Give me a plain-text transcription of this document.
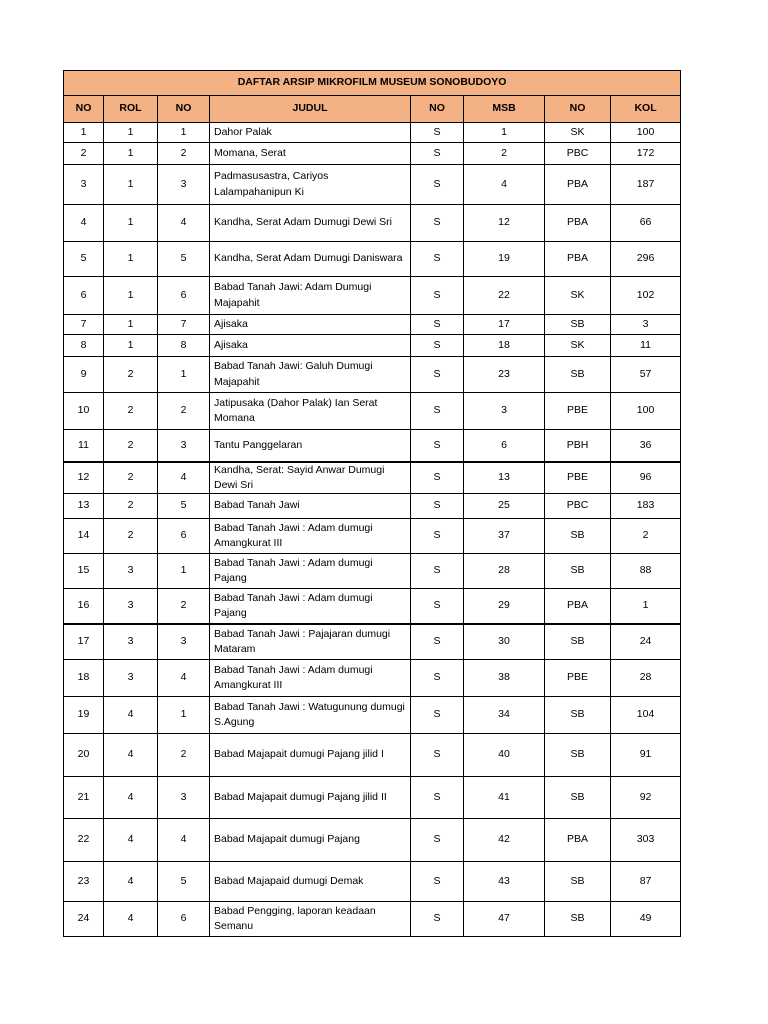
DAFTAR ARSIP MIKROFILM MUSEUM SONOBUDOYO							
NO	ROL	NO	JUDUL	NO	MSB	NO	KOL
1	1	1	Dahor Palak	S	1	SK	100
2	1	2	Momana, Serat	S	2	PBC	172
3	1	3	Padmasusastra, Cariyos Lalampahanipun Ki	S	4	PBA	187
4	1	4	Kandha, Serat Adam Dumugi Dewi Sri	S	12	PBA	66
5	1	5	Kandha, Serat Adam Dumugi Daniswara	S	19	PBA	296
6	1	6	Babad Tanah Jawi: Adam Dumugi Majapahit	S	22	SK	102
7	1	7	Ajisaka	S	17	SB	3
8	1	8	Ajisaka	S	18	SK	11
9	2	1	Babad Tanah Jawi: Galuh Dumugi Majapahit	S	23	SB	57
10	2	2	Jatipusaka (Dahor Palak) Ian Serat Momana	S	3	PBE	100
11	2	3	Tantu Panggelaran	S	6	PBH	36
12	2	4	Kandha, Serat: Sayid Anwar Dumugi Dewi Sri	S	13	PBE	96
13	2	5	Babad Tanah Jawi	S	25	PBC	183
14	2	6	Babad Tanah Jawi : Adam dumugi Amangkurat III	S	37	SB	2
15	3	1	Babad Tanah Jawi : Adam dumugi Pajang	S	28	SB	88
16	3	2	Babad Tanah Jawi : Adam dumugi Pajang	S	29	PBA	1
17	3	3	Babad Tanah Jawi : Pajajaran dumugi Mataram	S	30	SB	24
18	3	4	Babad Tanah Jawi : Adam dumugi Amangkurat III	S	38	PBE	28
19	4	1	Babad Tanah Jawi : Watugunung dumugi S.Agung	S	34	SB	104
20	4	2	Babad Majapait dumugi Pajang jilid I	S	40	SB	91
21	4	3	Babad Majapait dumugi Pajang jilid II	S	41	SB	92
22	4	4	Babad Majapait dumugi Pajang	S	42	PBA	303
23	4	5	Babad Majapaid dumugi Demak	S	43	SB	87
24	4	6	Babad Pengging, laporan keadaan Semanu	S	47	SB	49
